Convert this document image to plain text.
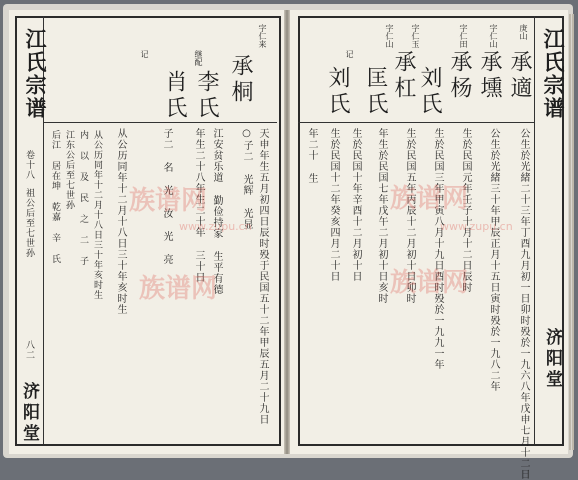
江氏宗谱
卷十八
祖公后至七世孙
八二
济阳堂
后江 居在坤 乾嘉 辛 氏 江东公后至七世孙 内 以 及 民 之 二 子 从公历同年十二月十八日三十年亥时生
记	继配
字仁来
承桐
李氏
肖氏
天申年生五月初四日辰时殁于民国五十二年甲辰五月二十九日
○子二 光辉 光显
江安贫乐道 勤俭持家 生平有德
年生二十八年生二十年 三十日
子二 名 光 汝 光 亮
从公历同年十二月十八日三十年亥时生 族谱网
族谱网
www.zupu.cn
江氏宗谱
济阳堂
庚山
字仁山
字仁田
字仁玉
字仁山
记	承適
承壎
承杨
承杠 刘氏
匡氏
刘氏
公生於光緒二十三年丁酉九月初一日卯时殁於一九六八年戊申七月十二日
公生於光緒三十年甲辰正月十五日寅时殁於一九八二年
生於民国元年壬子十月十二日辰时
生於民国三年甲寅八月十九日酉时殁於一九九一年
生於民国五年丙辰十二月初十日卯时
年生於民国七年戊午二月初十日亥时
生於民国十年辛酉十二月初十日
生於民国十二年癸亥四月二十日
年二十 生
族谱网
族谱网
www.zupu.cn
